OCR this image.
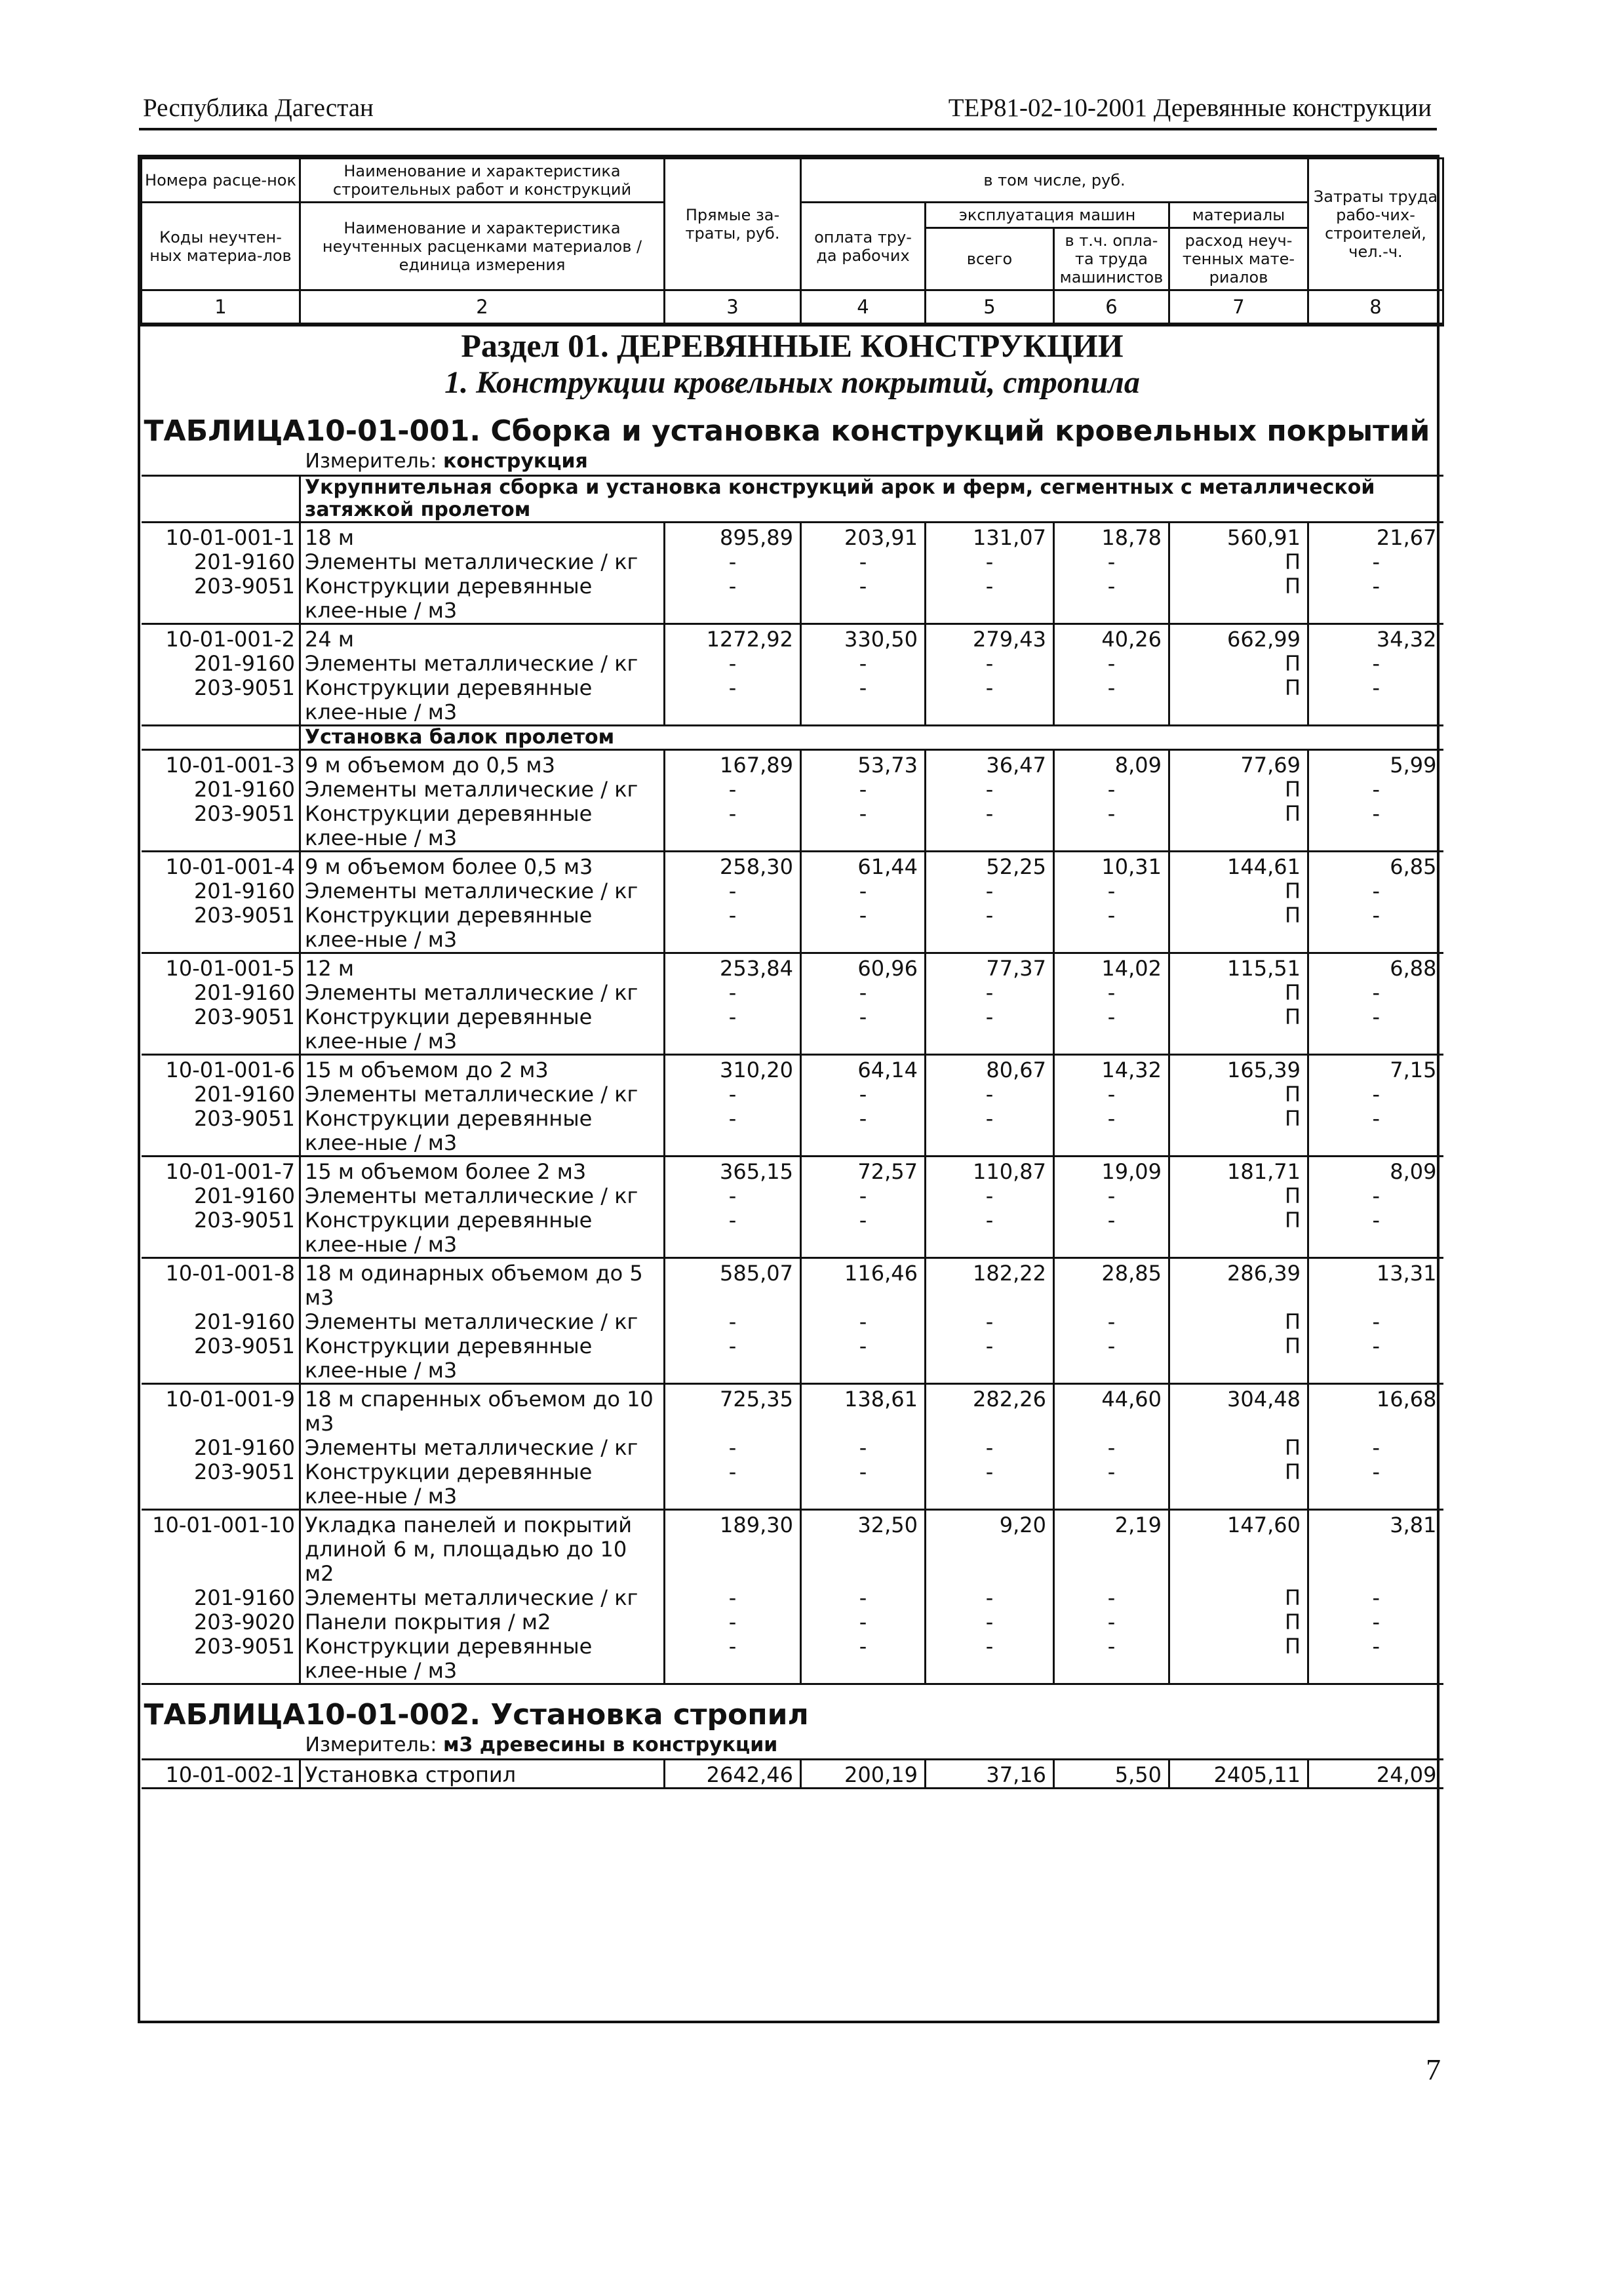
Республика Дагестан	ТЕР81-02-10-2001 Деревянные конструкции
Номера расце-нок	Наименование и характеристика строительных работ и конструкций	Прямые за-траты, руб.	в том числе, руб.				Затраты труда рабо-чих-строителей, чел.-ч.
Коды неучтен-ных материа-лов	Наименование и характеристика неучтенных расценками материалов / единица измерения		оплата тру-да рабочих	эксплуатация машин		материалы	
				всего	в т.ч. опла-та труда машинистов	расход неуч-тенных мате-риалов	
1	2	3	4	5	6	7	8
Раздел 01. ДЕРЕВЯННЫЕ КОНСТРУКЦИИ							
1. Конструкции кровельных покрытий, стропила							
ТАБЛИЦА	10-01-001. Сборка и установка конструкций кровельных покрытий						
	Измеритель: конструкция						
	Укрупнительная сборка и установка конструкций арок и ферм, сегментных с металлической затяжкой пролетом						
10-01-001-1	18 м	895,89	203,91	131,07	18,78	560,91	21,67
201-9160	Элементы металлические / кг	-	-	-	-	П	-
203-9051	Конструкции деревянные клее-ные / м3	-	-	-	-	П	-
10-01-001-2	24 м	1272,92	330,50	279,43	40,26	662,99	34,32
201-9160	Элементы металлические / кг	-	-	-	-	П	-
203-9051	Конструкции деревянные клее-ные / м3	-	-	-	-	П	-
	Установка балок пролетом						
10-01-001-3	9 м объемом до 0,5 м3	167,89	53,73	36,47	8,09	77,69	5,99
201-9160	Элементы металлические / кг	-	-	-	-	П	-
203-9051	Конструкции деревянные клее-ные / м3	-	-	-	-	П	-
10-01-001-4	9 м объемом более 0,5 м3	258,30	61,44	52,25	10,31	144,61	6,85
201-9160	Элементы металлические / кг	-	-	-	-	П	-
203-9051	Конструкции деревянные клее-ные / м3	-	-	-	-	П	-
10-01-001-5	12 м	253,84	60,96	77,37	14,02	115,51	6,88
201-9160	Элементы металлические / кг	-	-	-	-	П	-
203-9051	Конструкции деревянные клее-ные / м3	-	-	-	-	П	-
10-01-001-6	15 м объемом до 2 м3	310,20	64,14	80,67	14,32	165,39	7,15
201-9160	Элементы металлические / кг	-	-	-	-	П	-
203-9051	Конструкции деревянные клее-ные / м3	-	-	-	-	П	-
10-01-001-7	15 м объемом более 2 м3	365,15	72,57	110,87	19,09	181,71	8,09
201-9160	Элементы металлические / кг	-	-	-	-	П	-
203-9051	Конструкции деревянные клее-ные / м3	-	-	-	-	П	-
10-01-001-8	18 м одинарных объемом до 5 м3	585,07	116,46	182,22	28,85	286,39	13,31
201-9160	Элементы металлические / кг	-	-	-	-	П	-
203-9051	Конструкции деревянные клее-ные / м3	-	-	-	-	П	-
10-01-001-9	18 м спаренных объемом до 10 м3	725,35	138,61	282,26	44,60	304,48	16,68
201-9160	Элементы металлические / кг	-	-	-	-	П	-
203-9051	Конструкции деревянные клее-ные / м3	-	-	-	-	П	-
10-01-001-10	Укладка панелей и покрытий длиной 6 м, площадью до 10 м2	189,30	32,50	9,20	2,19	147,60	3,81
201-9160	Элементы металлические / кг	-	-	-	-	П	-
203-9020	Панели покрытия / м2	-	-	-	-	П	-
203-9051	Конструкции деревянные клее-ные / м3	-	-	-	-	П	-
ТАБЛИЦА	10-01-002. Установка стропил						
	Измеритель: м3 древесины в конструкции						
10-01-002-1	Установка стропил	2642,46	200,19	37,16	5,50	2405,11	24,09
7
